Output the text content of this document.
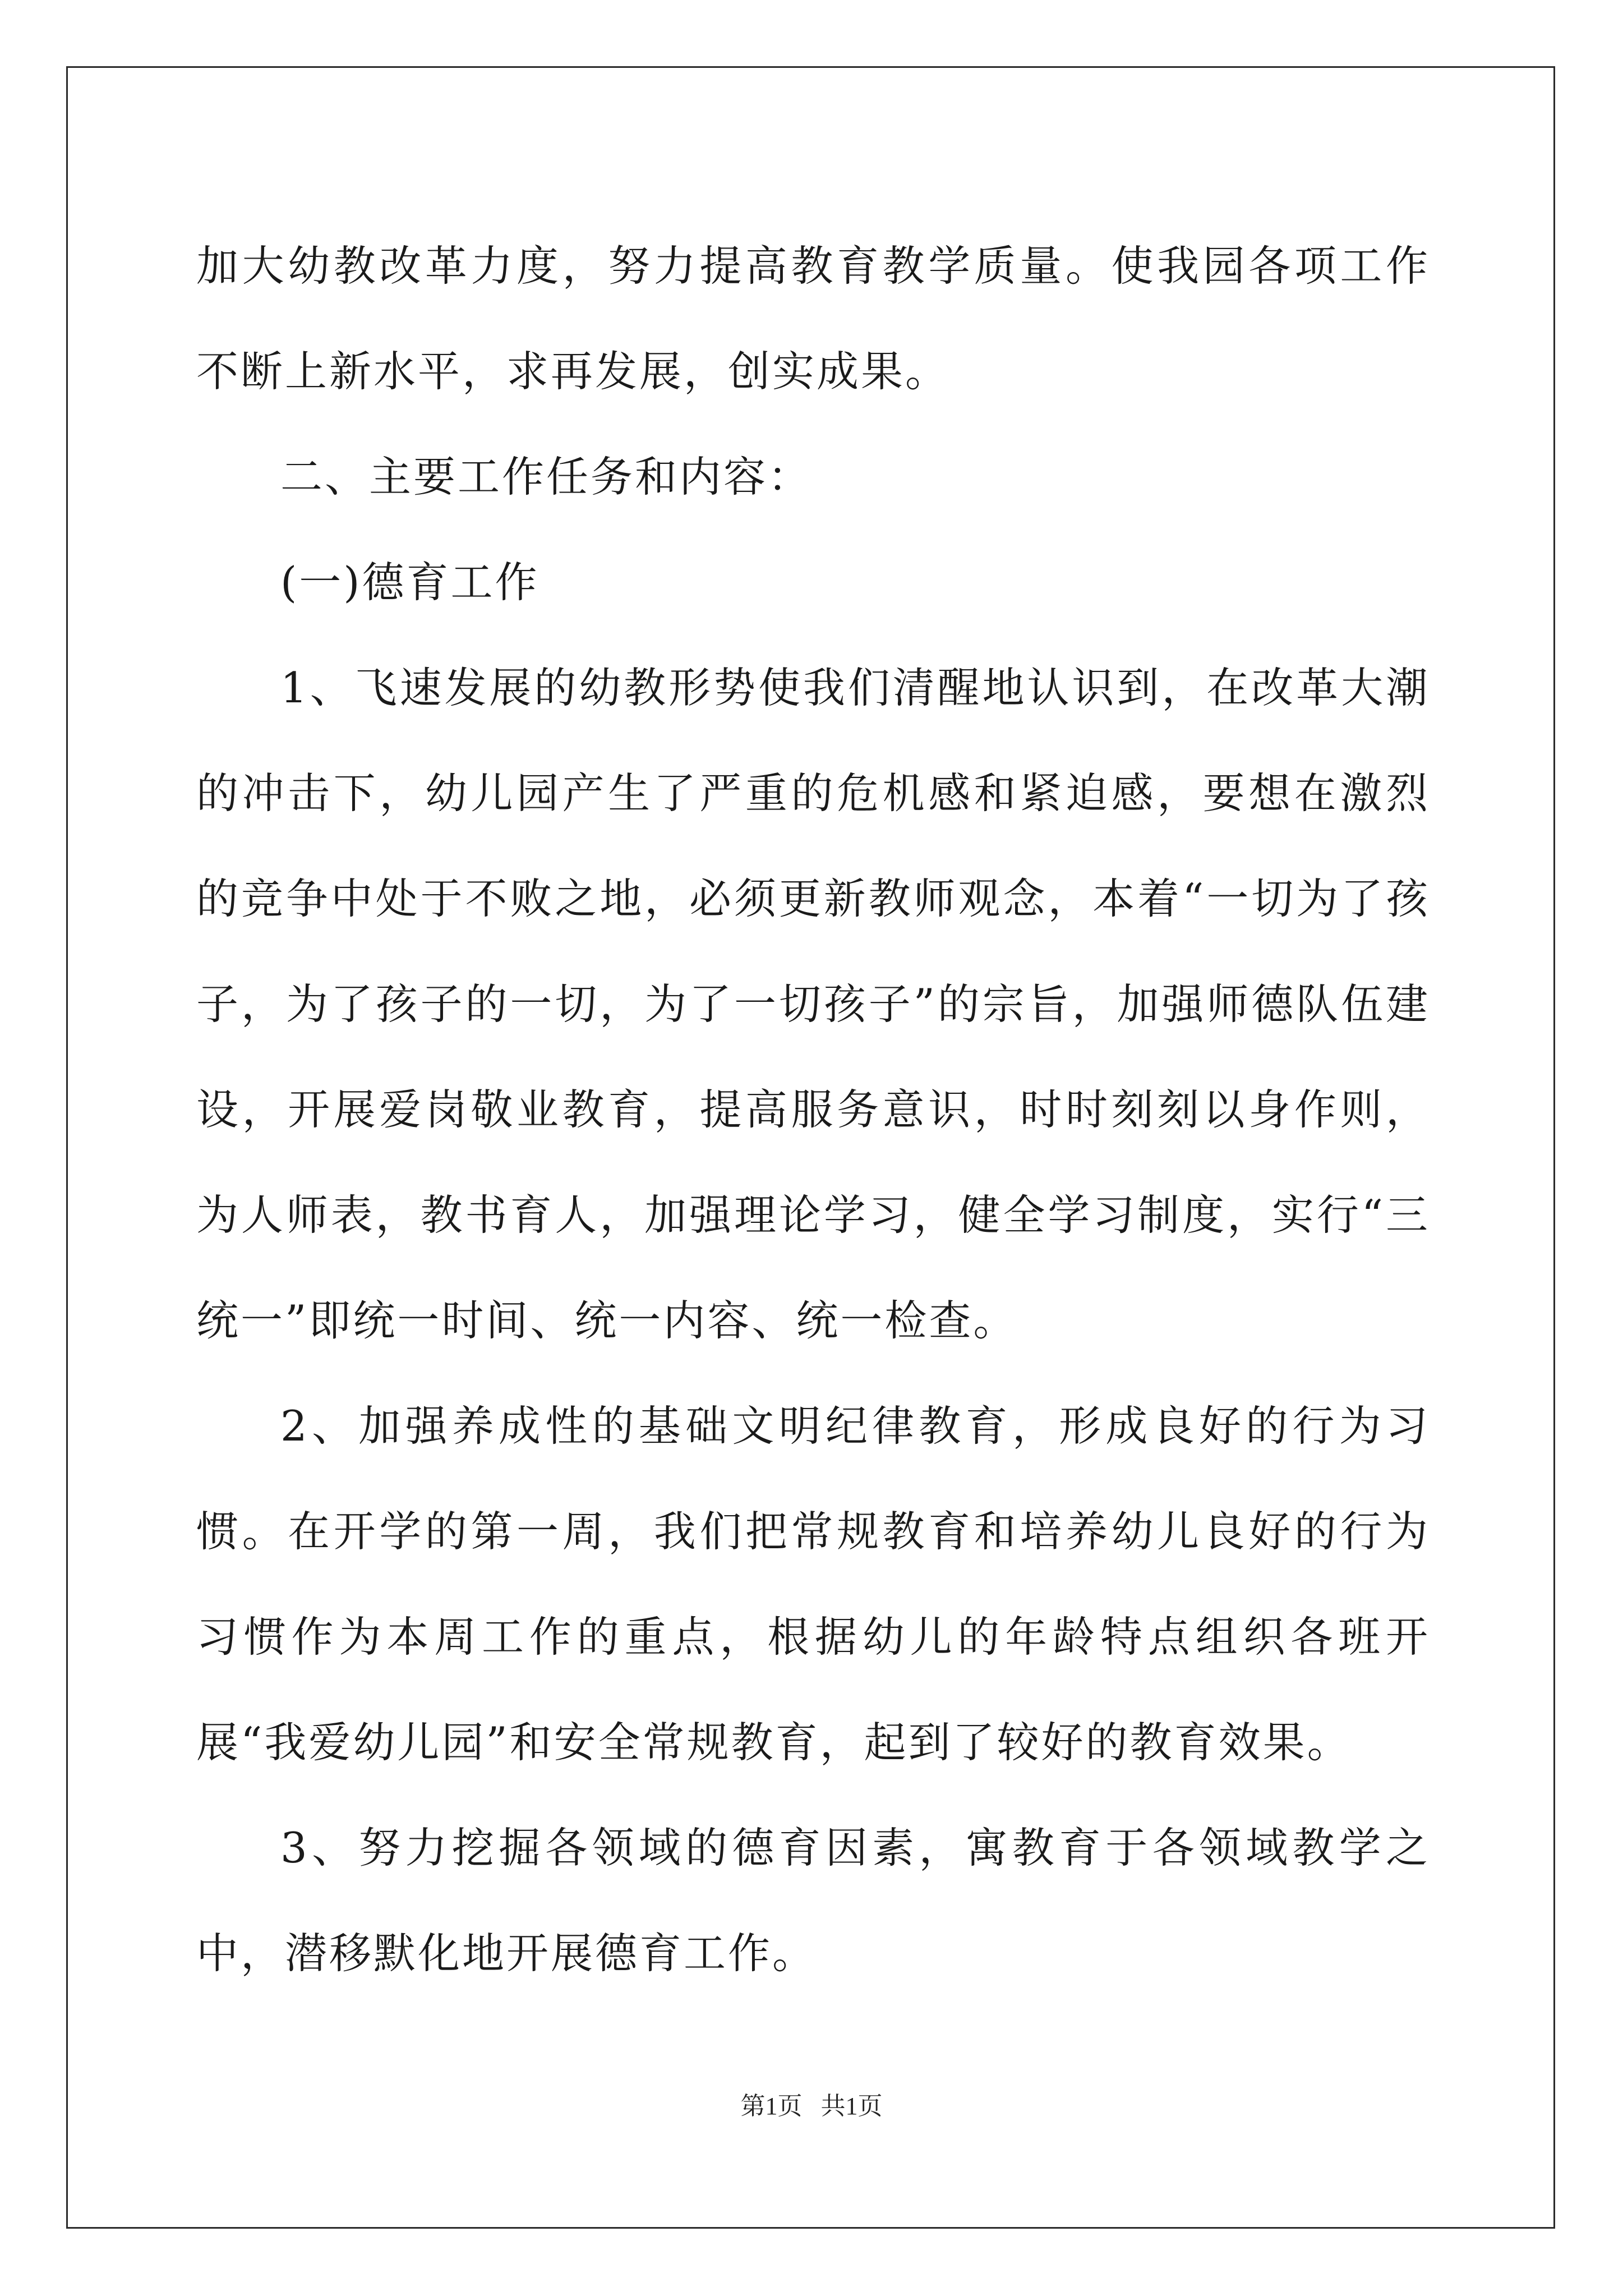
加大幼教改革力度，努力提高教育教学质量。使我园各项工作不断上新水平，求再发展，创实成果。

二、主要工作任务和内容：

(一)德育工作

1、飞速发展的幼教形势使我们清醒地认识到，在改革大潮的冲击下，幼儿园产生了严重的危机感和紧迫感，要想在激烈的竞争中处于不败之地，必须更新教师观念，本着“一切为了孩子，为了孩子的一切，为了一切孩子”的宗旨，加强师德队伍建设，开展爱岗敬业教育，提高服务意识，时时刻刻以身作则，为人师表，教书育人，加强理论学习，健全学习制度，实行“三统一”即统一时间、统一内容、统一检查。

2、加强养成性的基础文明纪律教育，形成良好的行为习惯。在开学的第一周，我们把常规教育和培养幼儿良好的行为习惯作为本周工作的重点，根据幼儿的年龄特点组织各班开展“我爱幼儿园”和安全常规教育，起到了较好的教育效果。

3、努力挖掘各领域的德育因素，寓教育于各领域教学之中，潜移默化地开展德育工作。

第1页   共1页
